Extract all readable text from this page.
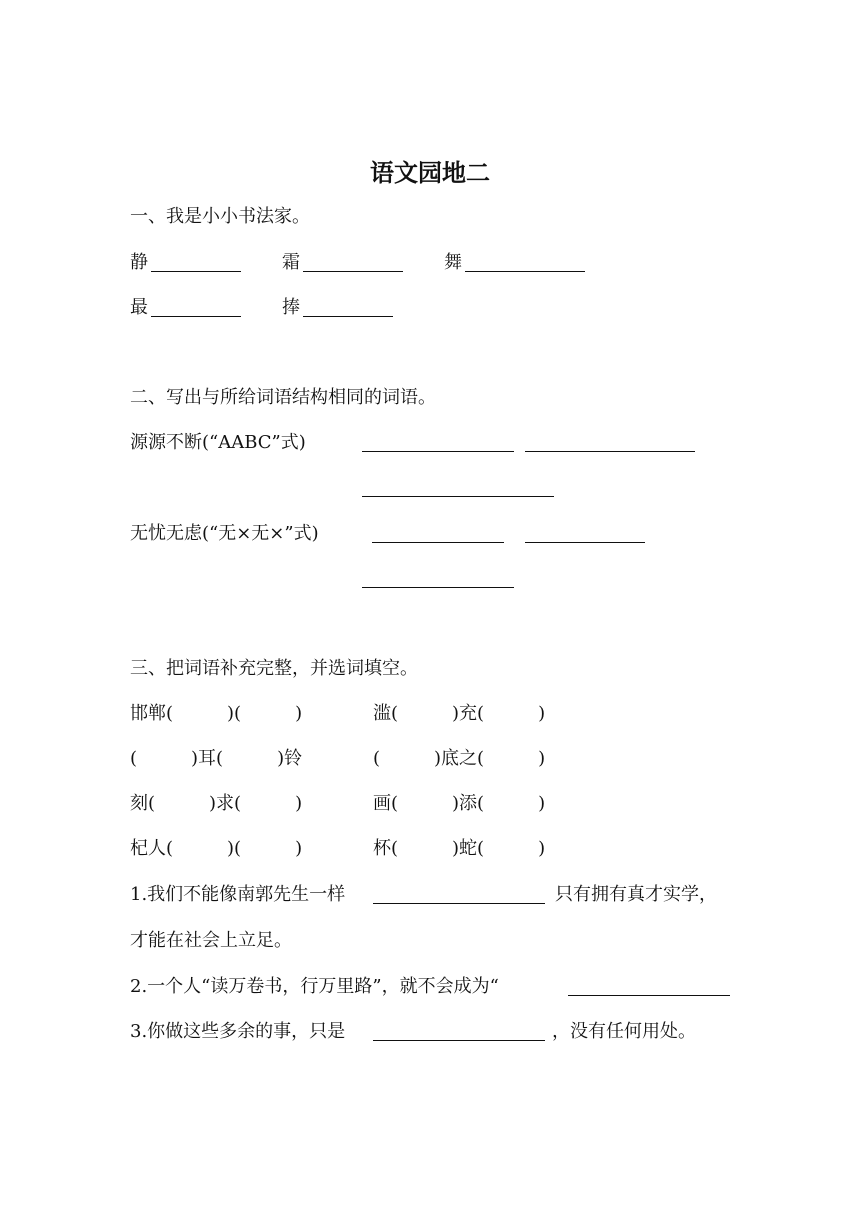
语文园地二
一、我是小小书法家。
静	霜	舞
最	捧
二、写出与所给词语结构相同的词语。
源源不断(“AABC”式)
无忧无虑(“无×无×”式)
三、把词语补充完整，并选词填空。
邯郸(　　　)(　　　)	滥(　　　)充(　　　)
(　　　)耳(　　　)铃	(　　　)底之(　　　)
刻(　　　)求(　　　)	画(　　　)添(　　　)
杞人(　　　)(　　　)	杯(　　　)蛇(　　　)
1.我们不能像南郭先生一样	只有拥有真才实学，
才能在社会上立足。
2.一个人“读万卷书，行万里路”，就不会成为“
3.你做这些多余的事，只是	，没有任何用处。
